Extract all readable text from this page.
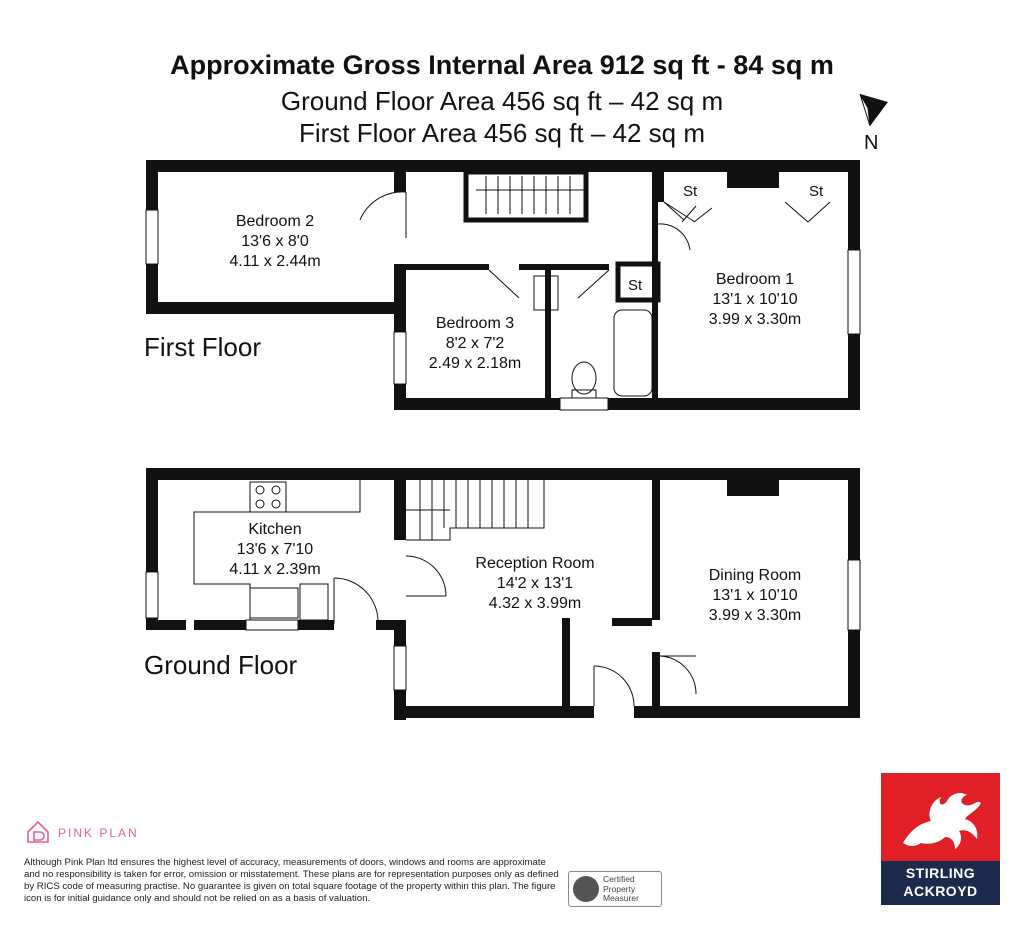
Approximate Gross Internal Area 912 sq ft - 84 sq m
Ground Floor Area 456 sq ft – 42 sq m
First Floor Area 456 sq ft – 42 sq m	N
Bedroom 2
13'6 x 8'0
4.11 x 2.44m
Bedroom 1
13'1 x 10'10
3.99 x 3.30m
Bedroom 3
8'2 x 7'2
2.49 x 2.18m
St	St
St
First Floor
Kitchen
13'6 x 7'10
4.11 x 2.39m	Reception Room
14'2 x 13'1
4.32 x 3.99m
Dining Room
13'1 x 10'10
3.99 x 3.30m
Ground Floor
PINK PLAN
Although Pink Plan ltd ensures the highest level of accuracy, measurements of doors, windows and rooms are approximate and no responsibility is taken for error, omission or misstatement. These plans are for representation purposes only as defined by RICS code of measuring practise. No guarantee is given on total square footage of the property within this plan. The figure icon is for initial guidance only and should not be relied on as a basis of valuation.
Certified
Property
Measurer
STIRLING
ACKROYD
